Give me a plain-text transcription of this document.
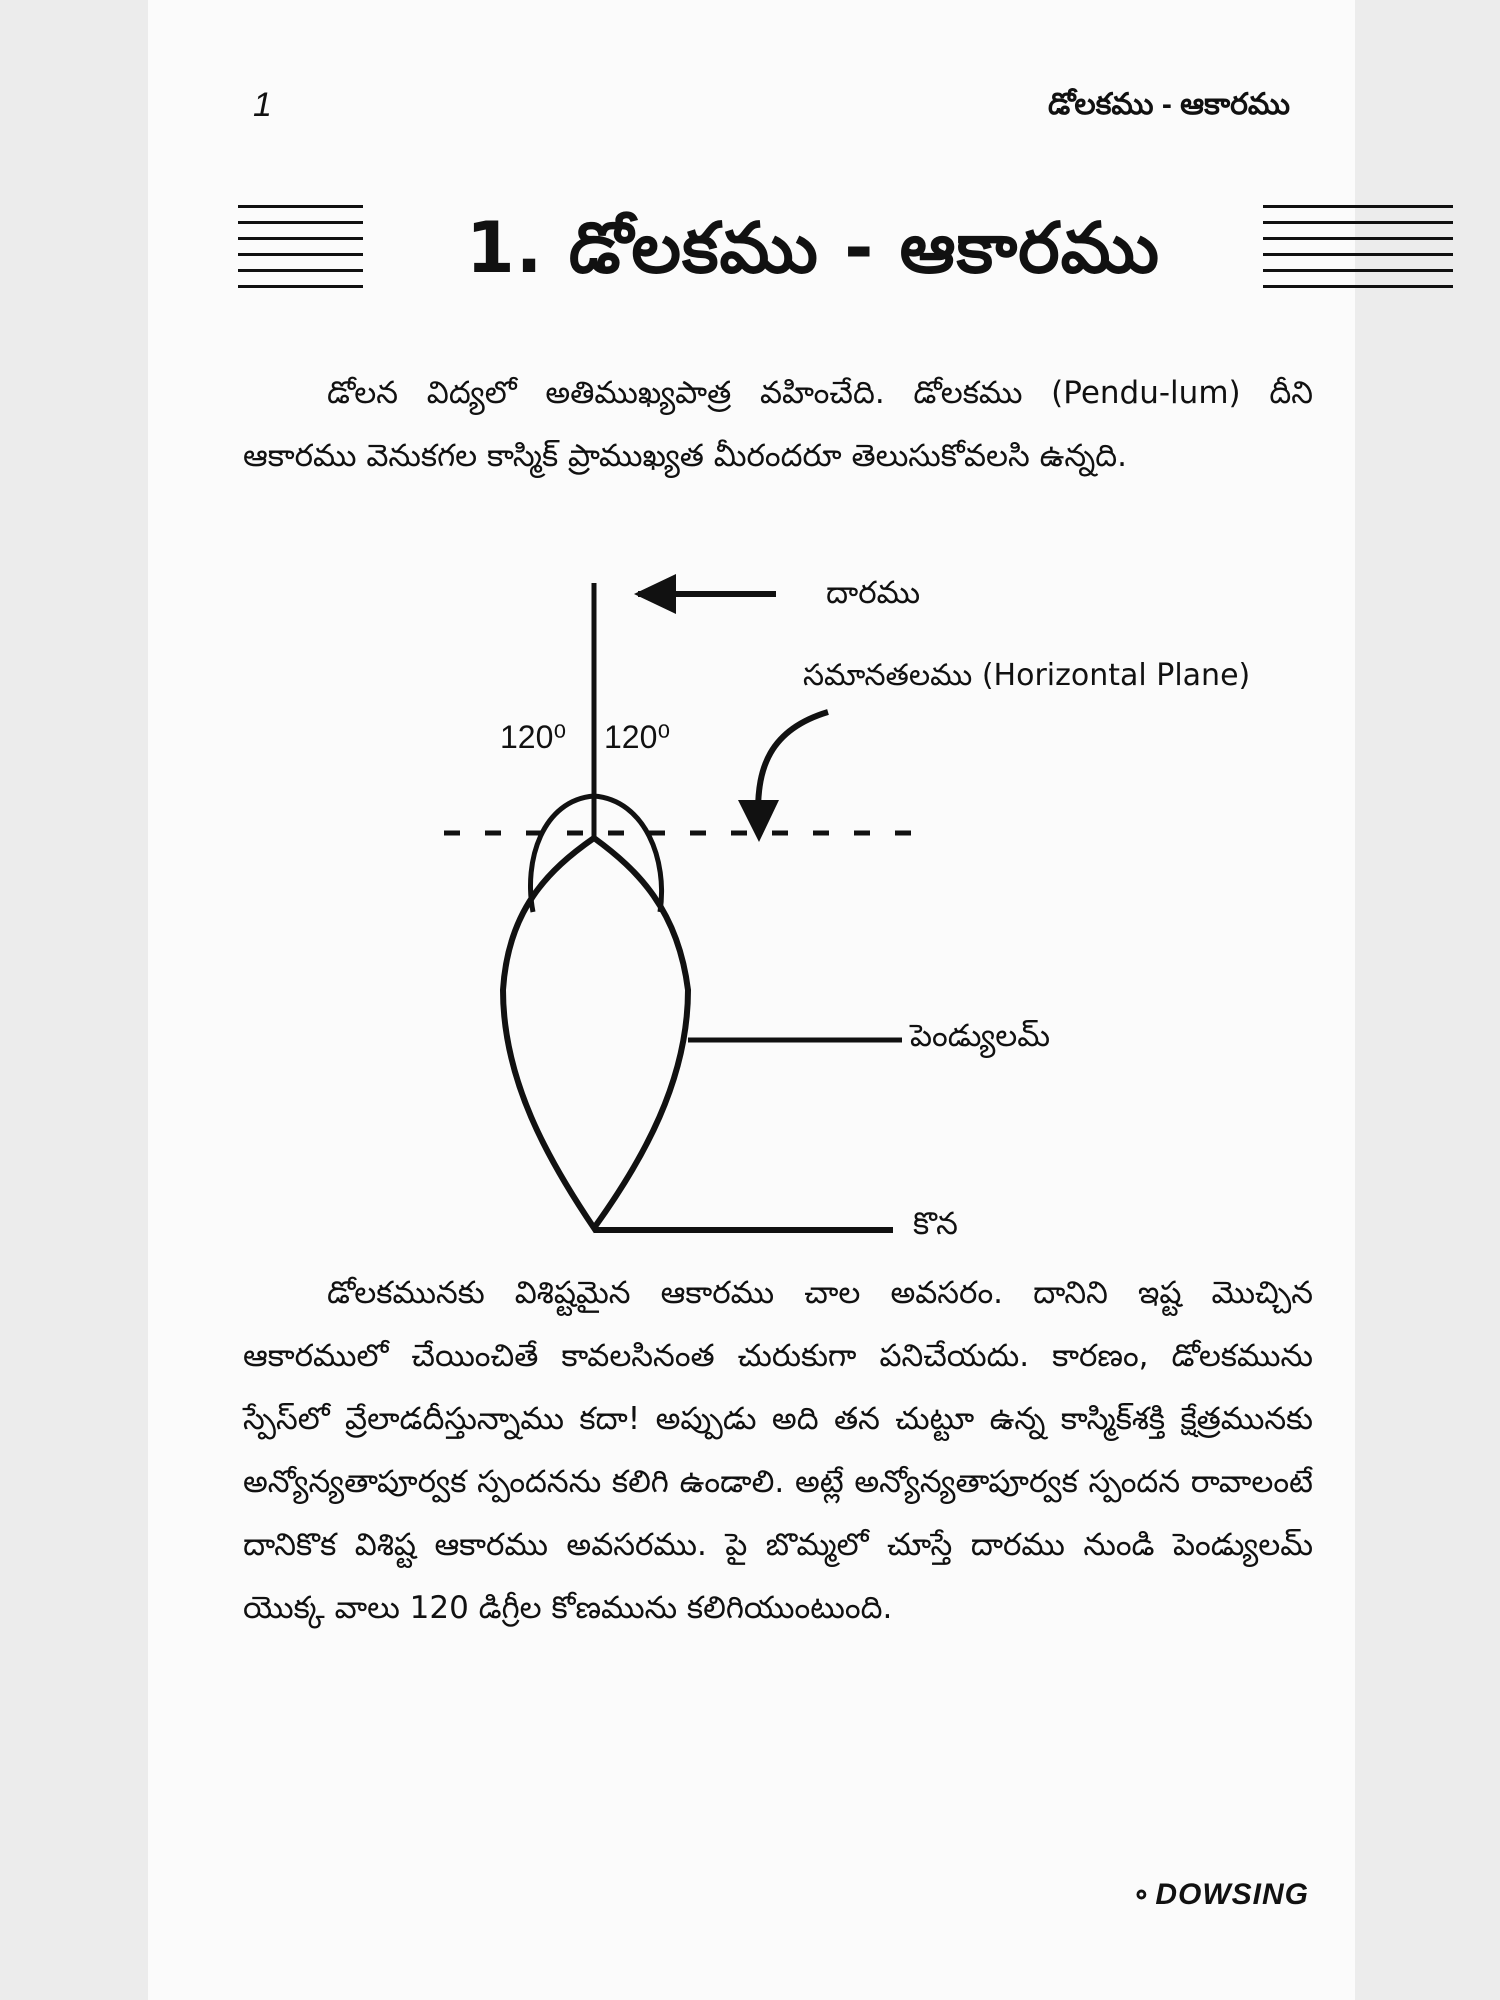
1	డోలకము - ఆకారము
1. డోలకము - ఆకారము
డోలన విద్యలో అతిముఖ్యపాత్ర వహించేది. డోలకము (Pendu-lum) దీని ఆకారము వెనుకగల కాస్మిక్ ప్రాముఖ్యత మీరందరూ తెలుసుకోవలసి ఉన్నది.
దారము
సమానతలము (Horizontal Plane)
120⁰ 120⁰
పెండ్యులమ్
కొన
డోలకమునకు విశిష్టమైన ఆకారము చాల అవసరం. దానిని ఇష్ట మొచ్చిన ఆకారములో చేయించితే కావలసినంత చురుకుగా పనిచేయదు. కారణం, డోలకమును స్పేస్‌లో వ్రేలాడదీస్తున్నాము కదా! అప్పుడు అది తన చుట్టూ ఉన్న కాస్మిక్‌శక్తి క్షేత్రమునకు అన్యోన్యతాపూర్వక స్పందనను కలిగి ఉండాలి. అట్లే అన్యోన్యతాపూర్వక స్పందన రావాలంటే దానికొక విశిష్ట ఆకారము అవసరము. పై బొమ్మలో చూస్తే దారము నుండి పెండ్యులమ్ యొక్క వాలు 120 డిగ్రీల కోణమును కలిగియుంటుంది.
⚬DOWSING
